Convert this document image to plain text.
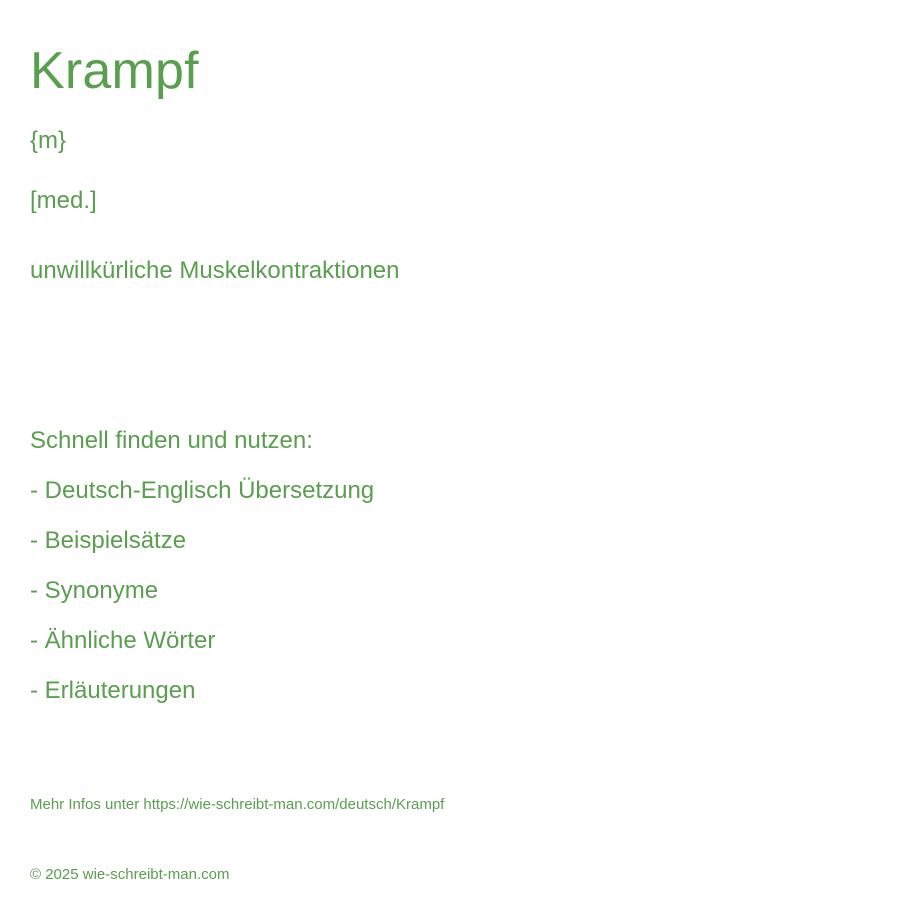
Krampf
{m}
[med.]
unwillkürliche Muskelkontraktionen
Schnell finden und nutzen:
- Deutsch-Englisch Übersetzung
- Beispielsätze
- Synonyme
- Ähnliche Wörter
- Erläuterungen
Mehr Infos unter https://wie-schreibt-man.com/deutsch/Krampf
© 2025 wie-schreibt-man.com
